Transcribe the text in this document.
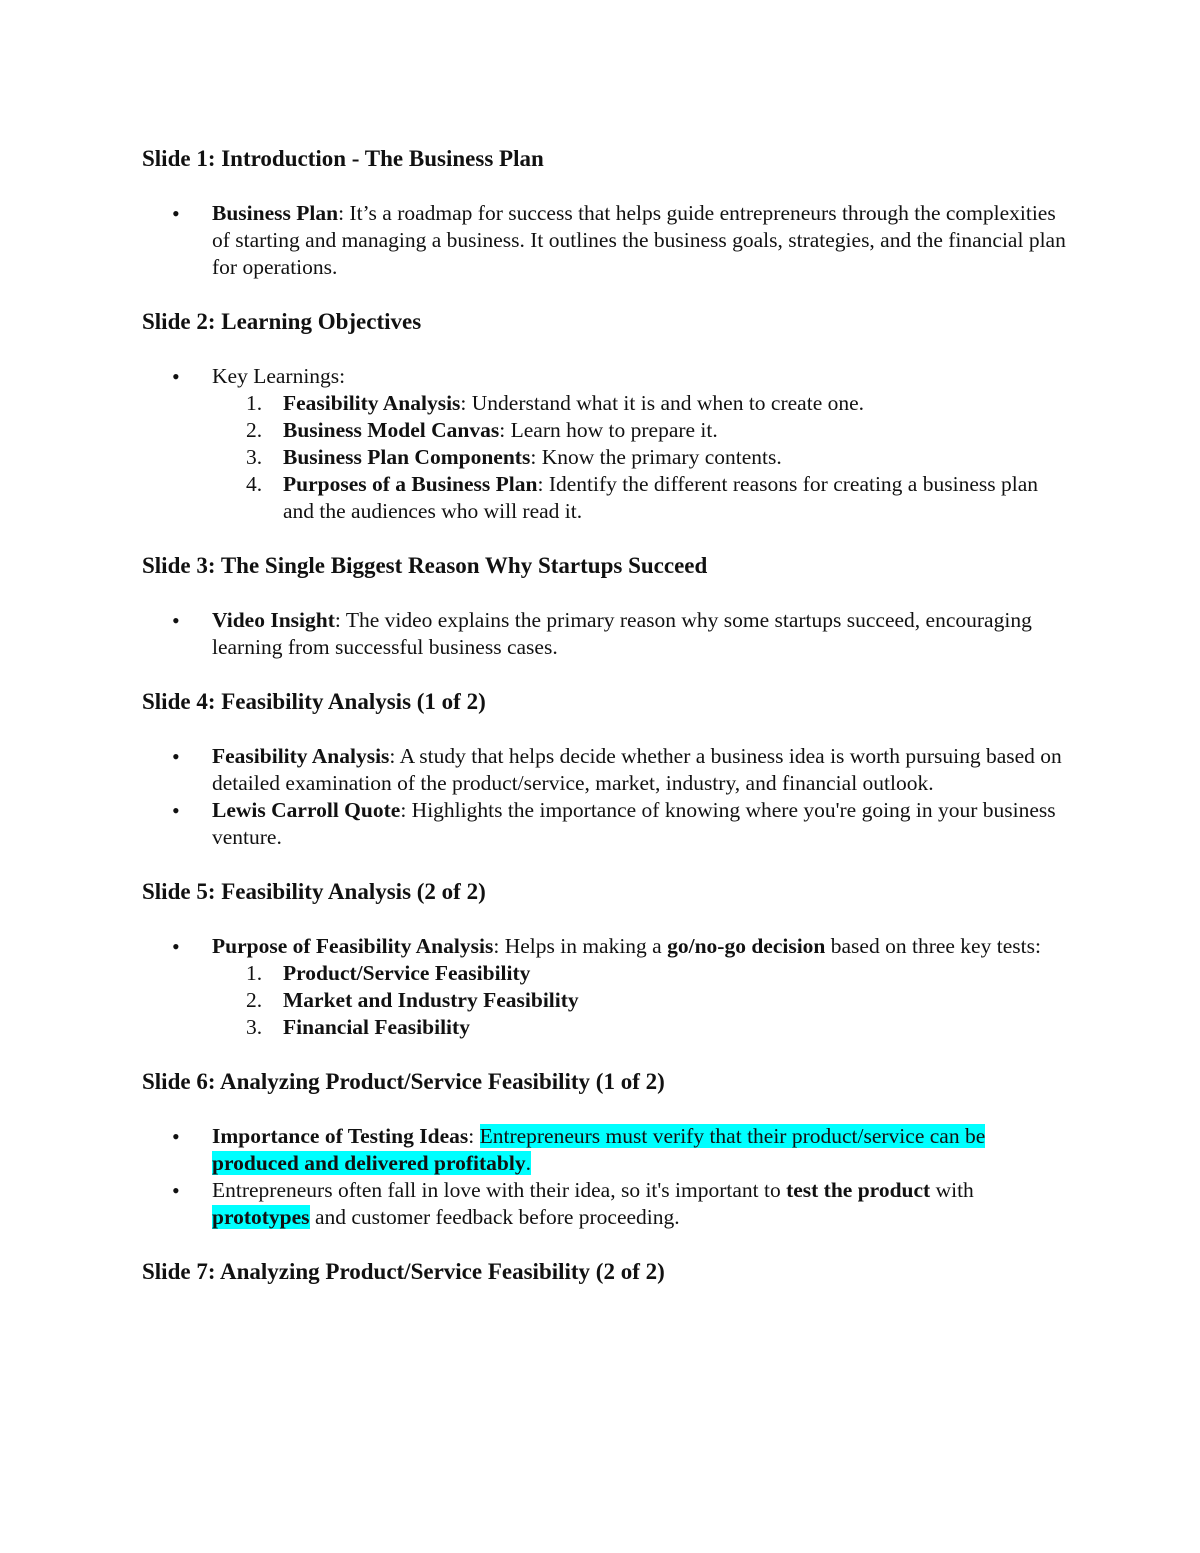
Slide 1: Introduction - The Business Plan
• Business Plan: It’s a roadmap for success that helps guide entrepreneurs through the complexities of starting and managing a business. It outlines the business goals, strategies, and the financial plan for operations.
Slide 2: Learning Objectives
• Key Learnings:
1. Feasibility Analysis: Understand what it is and when to create one.
2. Business Model Canvas: Learn how to prepare it.
3. Business Plan Components: Know the primary contents.
4. Purposes of a Business Plan: Identify the different reasons for creating a business plan and the audiences who will read it.
Slide 3: The Single Biggest Reason Why Startups Succeed
• Video Insight: The video explains the primary reason why some startups succeed, encouraging learning from successful business cases.
Slide 4: Feasibility Analysis (1 of 2)
• Feasibility Analysis: A study that helps decide whether a business idea is worth pursuing based on detailed examination of the product/service, market, industry, and financial outlook.
• Lewis Carroll Quote: Highlights the importance of knowing where you're going in your business venture.
Slide 5: Feasibility Analysis (2 of 2)
• Purpose of Feasibility Analysis: Helps in making a go/no-go decision based on three key tests:
1. Product/Service Feasibility
2. Market and Industry Feasibility
3. Financial Feasibility
Slide 6: Analyzing Product/Service Feasibility (1 of 2)
• Importance of Testing Ideas: Entrepreneurs must verify that their product/service can be produced and delivered profitably.
• Entrepreneurs often fall in love with their idea, so it's important to test the product with prototypes and customer feedback before proceeding.
Slide 7: Analyzing Product/Service Feasibility (2 of 2)
